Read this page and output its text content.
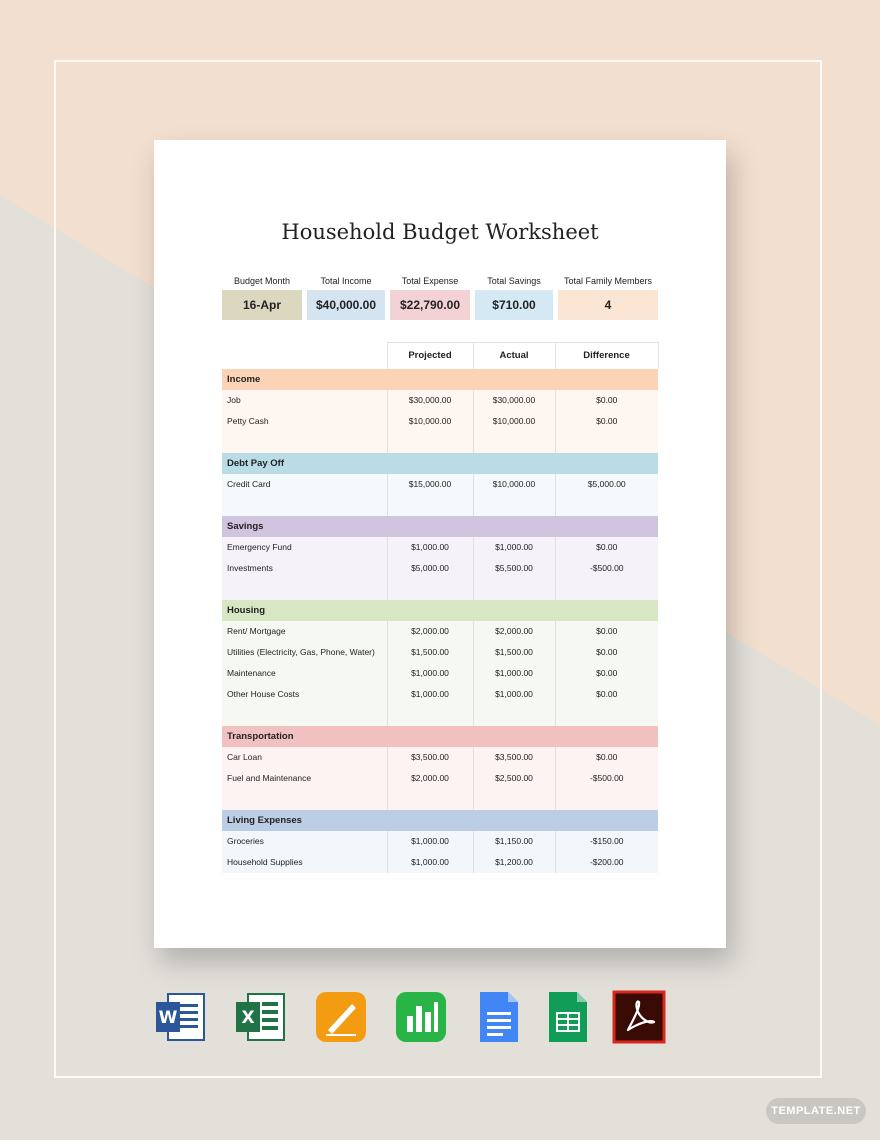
Household Budget Worksheet
Budget Month
16-Apr
Total Income
$40,000.00
Total Expense
$22,790.00
Total Savings
$710.00
Total Family Members
4
	Projected	Actual	Difference
Income			
Job	$30,000.00	$30,000.00	$0.00
Petty Cash	$10,000.00	$10,000.00	$0.00

Debt Pay Off			
Credit Card	$15,000.00	$10,000.00	$5,000.00

Savings			
Emergency Fund	$1,000.00	$1,000.00	$0.00
Investments	$5,000.00	$5,500.00	-$500.00

Housing			
Rent/ Mortgage	$2,000.00	$2,000.00	$0.00
Utilities (Electricity, Gas, Phone, Water)	$1,500.00	$1,500.00	$0.00
Maintenance	$1,000.00	$1,000.00	$0.00
Other House Costs	$1,000.00	$1,000.00	$0.00

Transportation			
Car Loan	$3,500.00	$3,500.00	$0.00
Fuel and Maintenance	$2,000.00	$2,500.00	-$500.00

Living Expenses			
Groceries	$1,000.00	$1,150.00	-$150.00
Household Supplies	$1,000.00	$1,200.00	-$200.00
W	X
TEMPLATE.NET
